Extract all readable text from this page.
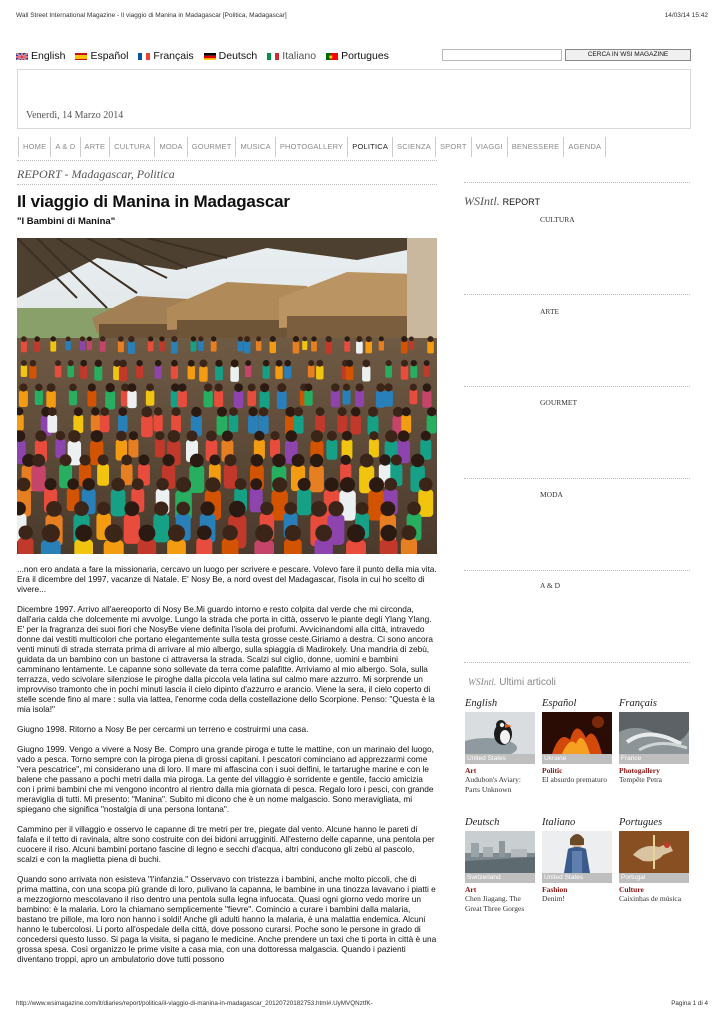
Wall Street International Magazine - Il viaggio di Manina in Madagascar [Politica, Madagascar]	14/03/14 15:42
English Español Français Deutsch Italiano Portugues	CERCA IN WSI MAGAZINE
Venerdì, 14 Marzo 2014
HOME	A & D	ARTE	CULTURA	MODA	GOURMET	MUSICA	PHOTOGALLERY	POLITICA	SCIENZA	SPORT	VIAGGI	BENESSERE	AGENDA
REPORT - Madagascar, Politica
Il viaggio di Manina in Madagascar
"I Bambini di Manina"

...non ero andata a fare la missionaria, cercavo un luogo per scrivere e pescare. Volevo fare il punto della mia vita. Era il dicembre del 1997, vacanze di Natale. E' Nosy Be, a nord ovest del Madagascar, l'isola in cui ho scelto di vivere...

Dicembre 1997. Arrivo all'aereoporto di Nosy Be.Mi guardo intorno e resto colpita dal verde che mi circonda, dall'aria calda che dolcemente mi avvolge. Lungo la strada che porta in città, osservo le piante degli Ylang Ylang. E' per la fragranza dei suoi fiori che NosyBe viene definita l'isola dei profumi. Avvicinandomi alla città, intravedo donne dai vestiti multicolori che portano elegantemente sulla testa grosse ceste.Giriamo a destra. Ci sono ancora venti minuti di strada sterrata prima di arrivare al mio albergo, sulla spiaggia di Madirokely. Una mandria di zebù, guidata da un bambino con un bastone ci attraversa la strada. Scalzi sul ciglio, donne, uomini e bambini camminano lentamente. Le capanne sono sollevate da terra come palafitte. Arriviamo al mio albergo. Sola, sulla terrazza, vedo scivolare silenziose le piroghe dalla piccola vela latina sul calmo mare azzurro. Mi sorprende un improvviso tramonto che in pochi minuti lascia il cielo dipinto d'azzurro e arancio. Viene la sera, il cielo coperto di stelle scende fino al mare : sulla via lattea, l'enorme coda della costellazione dello Scorpione. Penso: "Questa è la mia isola!"

Giugno 1998. Ritorno a Nosy Be per cercarmi un terreno e costruirmi una casa.

Giugno 1999. Vengo a vivere a Nosy Be. Compro una grande piroga e tutte le mattine, con un marinaio del luogo, vado a pesca. Torno sempre con la piroga piena di grossi capitani. I pescatori cominciano ad apprezzarmi come "vera pescatrice", mi considerano una di loro. Il mare mi affascina con i suoi delfini, le tartarughe marine e con le balene che passano a pochi metri dalla mia piroga. La gente del villaggio è sorridente e gentile, faccio amicizia con i primi bambini che mi vengono incontro al rientro dalla mia giornata di pesca. Regalo loro i pesci, con grande meraviglia di tutti. Mi presento: "Manina". Subito mi dicono che è un nome malgascio. Sono meravigliata, mi spiegano che significa "nostalgia di una persona lontana".

Cammino per il villaggio e osservo le capanne di tre metri per tre, piegate dal vento. Alcune hanno le pareti di falafa e il tetto di ravinala, altre sono costruite con dei bidoni arrugginiti. All'esterno delle capanne, una pentola per cuocere il riso. Alcuni bambini portano fascine di legno e secchi d'acqua, altri conducono gli zebù al pascolo, scalzi e con la maglietta piena di buchi.

Quando sono arrivata non esisteva "l'infanzia." Osservavo con tristezza i bambini, anche molto piccoli, che di prima mattina, con una scopa più grande di loro, pulivano la capanna, le bambine in una tinozza lavavano i piatti e a mezzogiorno mescolavano il riso dentro una pentola sulla legna infuocata. Quasi ogni giorno vedo morire un bambino: è la malaria. Loro la chiamano semplicemente "fievre". Comincio a curare i bambini dalla malaria, bastano tre pillole, ma loro non hanno i soldi! Anche gli adulti hanno la malaria, è una malattia endemica. Alcuni hanno le tubercolosi. Li porto all'ospedale della città, dove possono curarsi. Poche sono le persone in grado di concedersi questo lusso. Si paga la visita, si pagano le medicine. Anche prendere un taxi che ti porta in città è una grossa spesa. Così organizzo le prime visite a casa mia, con una dottoressa malgascia. Quando i pazienti diventano troppi, apro un ambulatorio dove tutti possono

WSIntl. REPORT
CULTURA
ARTE
GOURMET
MODA
A & D
WSIntl. Ultimi articoli
English
United States
Art
Audubon's Aviary: Parts Unknown
Español
Ukraine
Politic
El absurdo prematuro
Français
France
Photogallery
Tempête Petra
Deutsch
Switzerland
Art
Chen Jiagang. The Great Three Gorges
Italiano
United States
Fashion
Denim!
Portugues
Portugal
Culture
Caixinhas de música
http://www.wsimagazine.com/it/diaries/report/politica/il-viaggio-di-manina-in-madagascar_20120720182753.html#.UyMVQNztfK-	Pagina 1 di 4
